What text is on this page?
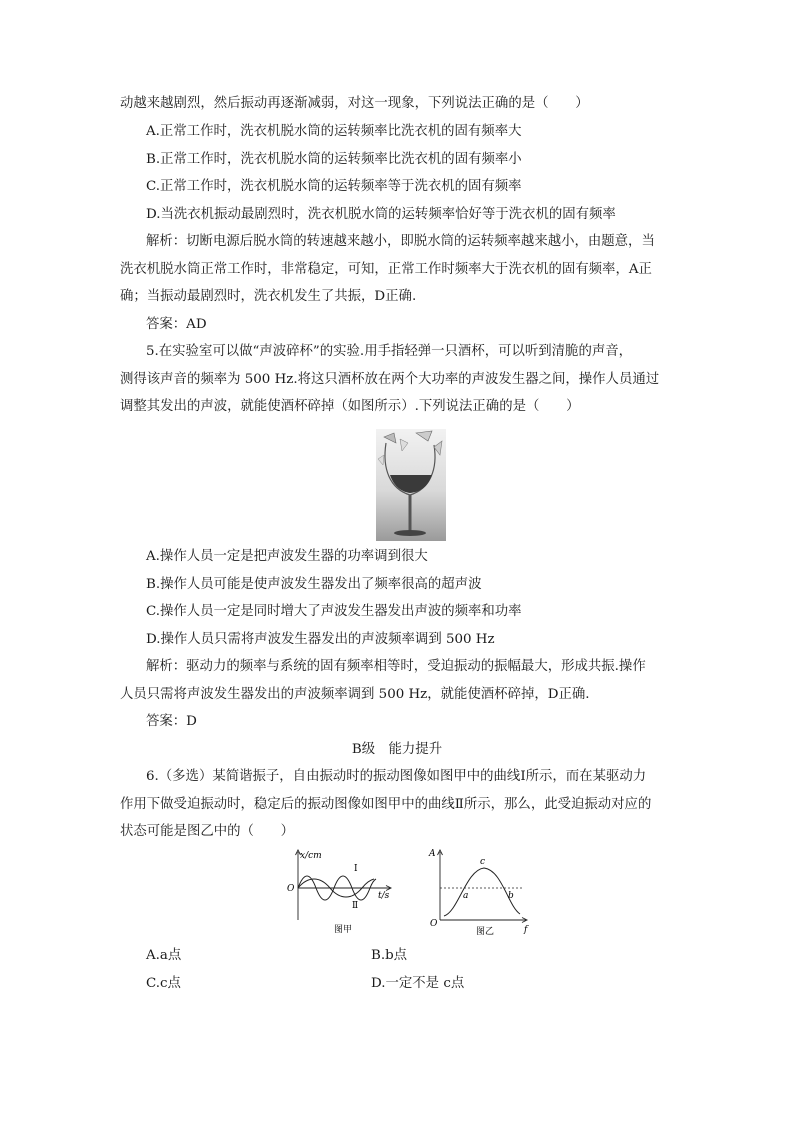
动越来越剧烈，然后振动再逐渐减弱，对这一现象，下列说法正确的是（　　）
A.正常工作时，洗衣机脱水筒的运转频率比洗衣机的固有频率大
B.正常工作时，洗衣机脱水筒的运转频率比洗衣机的固有频率小
C.正常工作时，洗衣机脱水筒的运转频率等于洗衣机的固有频率
D.当洗衣机振动最剧烈时，洗衣机脱水筒的运转频率恰好等于洗衣机的固有频率
解析：切断电源后脱水筒的转速越来越小，即脱水筒的运转频率越来越小，由题意，当
洗衣机脱水筒正常工作时，非常稳定，可知，正常工作时频率大于洗衣机的固有频率，A正
确；当振动最剧烈时，洗衣机发生了共振，D正确.
答案：AD
5.在实验室可以做“声波碎杯”的实验.用手指轻弹一只酒杯，可以听到清脆的声音，
测得该声音的频率为 500 Hz.将这只酒杯放在两个大功率的声波发生器之间，操作人员通过
调整其发出的声波，就能使酒杯碎掉（如图所示）.下列说法正确的是（　　）
A.操作人员一定是把声波发生器的功率调到很大
B.操作人员可能是使声波发生器发出了频率很高的超声波
C.操作人员一定是同时增大了声波发生器发出声波的频率和功率
D.操作人员只需将声波发生器发出的声波频率调到 500 Hz
解析：驱动力的频率与系统的固有频率相等时，受迫振动的振幅最大，形成共振.操作
人员只需将声波发生器发出的声波频率调到 500 Hz，就能使酒杯碎掉，D正确.
答案：D
B级　能力提升
6.（多选）某简谐振子，自由振动时的振动图像如图甲中的曲线Ⅰ所示，而在某驱动力
作用下做受迫振动时，稳定后的振动图像如图甲中的曲线Ⅱ所示，那么，此受迫振动对应的
状态可能是图乙中的（　　）
x/cm
t/s
O
Ⅰ
Ⅱ
图甲
A
f
O
c
a	b
图乙
A.a点	B.b点
C.c点	D.一定不是 c点
